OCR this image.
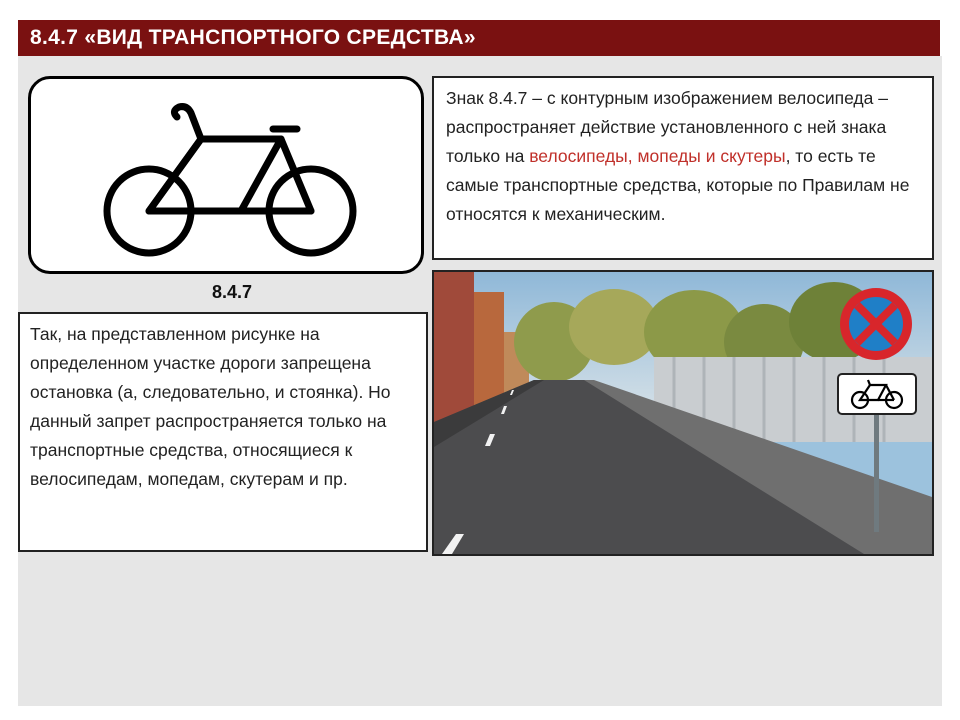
8.4.7 «ВИД ТРАНСПОРТНОГО СРЕДСТВА»
8.4.7
Знак 8.4.7 – с контурным изображением велосипеда – распространяет действие установленного с ней знака только на велосипеды, мопеды и скутеры, то есть те самые транспортные средства, которые по Правилам не относятся к механическим.
Так, на представленном рисунке на определенном участке дороги запрещена остановка (а, следовательно, и стоянка). Но данный запрет распространяется только на транспортные средства, относящиеся к велосипедам, мопедам, скутерам и пр.
